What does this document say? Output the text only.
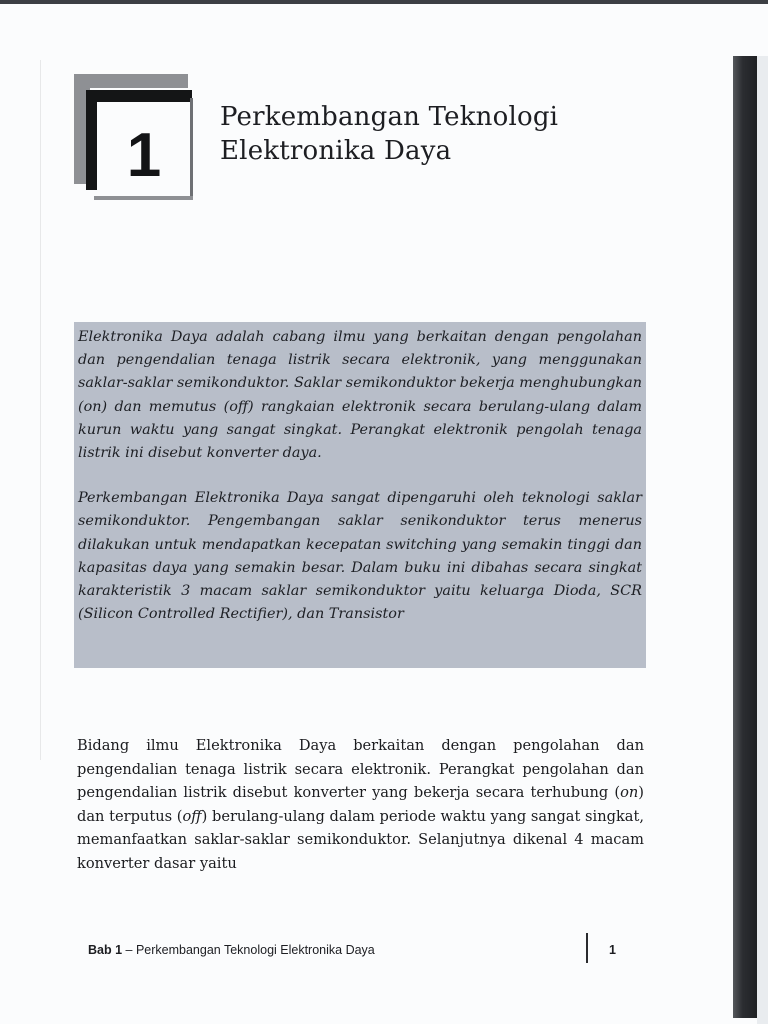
1
Perkembangan Teknologi
Elektronika Daya

Elektronika Daya adalah cabang ilmu yang berkaitan dengan pengolahan dan pengendalian tenaga listrik secara elektronik, yang menggunakan saklar-saklar semikonduktor. Saklar semikonduktor bekerja menghubungkan (on) dan memutus (off) rangkaian elektronik secara berulang-ulang dalam kurun waktu yang sangat singkat. Perangkat elektronik pengolah tenaga listrik ini disebut konverter daya.

Perkembangan Elektronika Daya sangat dipengaruhi oleh teknologi saklar semikonduktor. Pengembangan saklar senikonduktor terus menerus dilakukan untuk mendapatkan kecepatan switching yang semakin tinggi dan kapasitas daya yang semakin besar. Dalam buku ini dibahas secara singkat karakteristik 3 macam saklar semikonduktor yaitu keluarga Dioda, SCR (Silicon Controlled Rectifier), dan Transistor

Bidang ilmu Elektronika Daya berkaitan dengan pengolahan dan pengendalian tenaga listrik secara elektronik. Perangkat pengolahan dan pengendalian listrik disebut konverter yang bekerja secara terhubung (on) dan terputus (off) berulang-ulang dalam periode waktu yang sangat singkat, memanfaatkan saklar-saklar semikonduktor. Selanjutnya dikenal 4 macam konverter dasar yaitu

Bab 1 – Perkembangan Teknologi Elektronika Daya	1
